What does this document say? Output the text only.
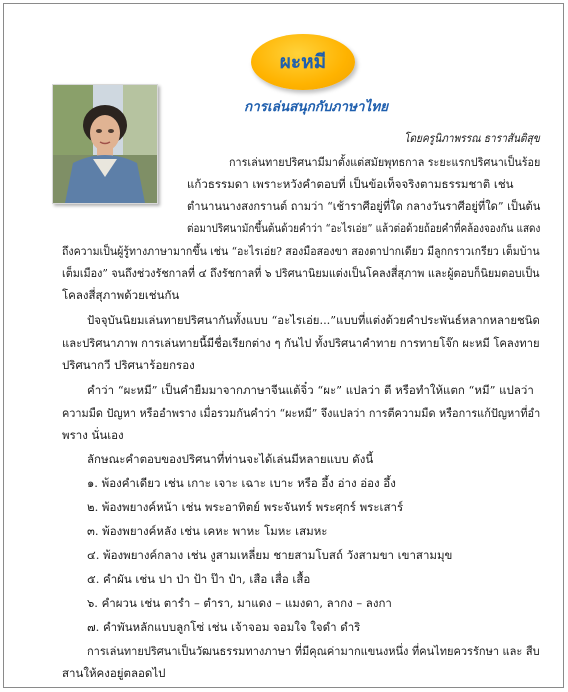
ผะหมี
การเล่นสนุกกับภาษาไทย
โดยครูนิภาพรรณ ธาราสันติสุข
การเล่นทายปริศนามีมาตั้งแต่สมัยพุทธกาล ระยะแรกปริศนาเป็นร้อย
แก้วธรรมดา เพราะหวังคำตอบที่ เป็นข้อเท็จจริงตามธรรมชาติ เช่น
ตำนานนางสงกรานต์ ถามว่า “เช้าราศีอยู่ที่ใด กลางวันราศีอยู่ที่ใด” เป็นต้น
ต่อมาปริศนามักขึ้นต้นด้วยคำว่า “อะไรเอ่ย” แล้วต่อด้วยถ้อยคำที่คล้องจองกัน แสดง
ถึงความเป็นผู้รู้ทางภาษามากขึ้น เช่น “อะไรเอ่ย? สองมือสองขา สองตาปากเดียว มีลูกกราวเกรียว เต็มบ้าน
เต็มเมือง” จนถึงช่วงรัชกาลที่ ๔ ถึงรัชกาลที่ ๖ ปริศนานิยมแต่งเป็นโคลงสี่สุภาพ และผู้ตอบก็นิยมตอบเป็น
โคลงสี่สุภาพด้วยเช่นกัน
ปัจจุบันนิยมเล่นทายปริศนากันทั้งแบบ “อะไรเอ่ย...”แบบที่แต่งด้วยคำประพันธ์หลากหลายชนิด
และปริศนาภาพ การเล่นทายนี้มีชื่อเรียกต่าง ๆ กันไป ทั้งปริศนาคำทาย การทายโจ๊ก ผะหมี โคลงทาย
ปริศนากวี ปริศนาร้อยกรอง
คำว่า “ผะหมี” เป็นคำยืมมาจากภาษาจีนแต้จิ๋ว “ผะ” แปลว่า ตี หรือทำให้แตก “หมี” แปลว่า
ความมืด ปัญหา หรืออำพราง เมื่อรวมกันคำว่า “ผะหมี” จึงแปลว่า การตีความมืด หรือการแก้ปัญหาที่อำ
พราง นั่นเอง
ลักษณะคำตอบของปริศนาที่ท่านจะได้เล่นมีหลายแบบ ดังนี้
๑. พ้องคำเดียว เช่น เกาะ เจาะ เฉาะ เบาะ หรือ อึ้ง อ่าง อ่อง อึ้ง
๒. พ้องพยางค์หน้า เช่น พระอาทิตย์ พระจันทร์ พระศุกร์ พระเสาร์
๓. พ้องพยางค์หลัง เช่น เคหะ พาหะ โมหะ เสมหะ
๔. พ้องพยางค์กลาง เช่น งูสามเหลี่ยม ชายสามโบสถ์ วังสามขา เขาสามมุข
๕. คำผัน เช่น ปา ป่า ป้า ป๊า ป๋า, เสือ เสื่อ เสื้อ
๖. คำผวน เช่น ตารำ – ตำรา, มาแดง – แมงดา, ลากง – ลงกา
๗. คำพันหลักแบบลูกโซ่ เช่น เจ้าจอม จอมใจ ใจดำ ดำริ
การเล่นทายปริศนาเป็นวัฒนธรรมทางภาษา ที่มีคุณค่ามากแขนงหนึ่ง ที่คนไทยควรรักษา และ สืบ
สานให้คงอยู่ตลอดไป
